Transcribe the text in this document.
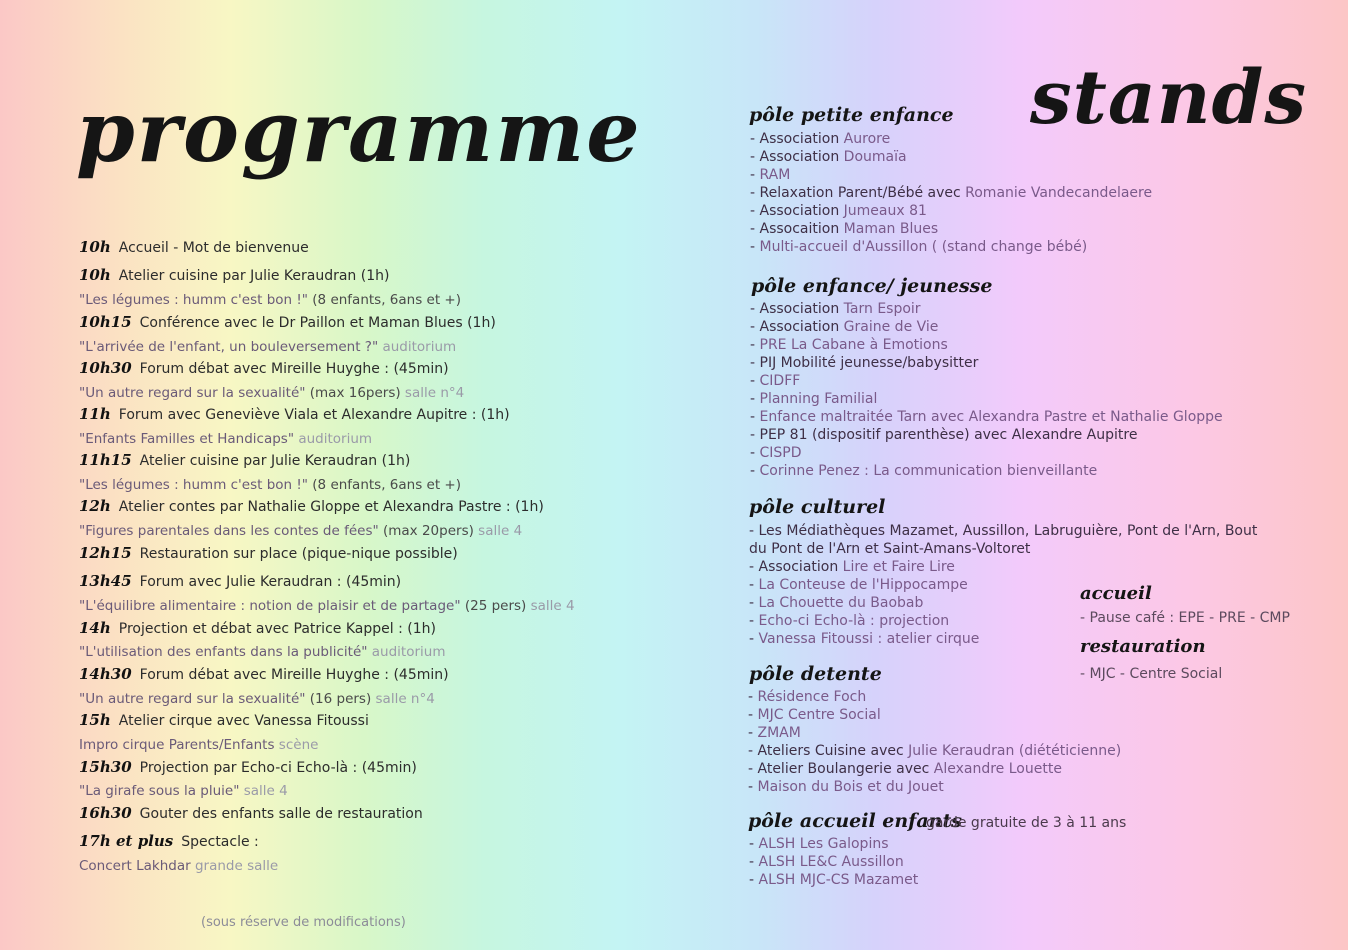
programme	stands
10h Accueil - Mot de bienvenue
10h Atelier cuisine par Julie Keraudran (1h)
"Les légumes : humm c'est bon !" (8 enfants, 6ans et +)
10h15 Conférence avec le Dr Paillon et Maman Blues (1h)
"L'arrivée de l'enfant, un bouleversement ?" auditorium
10h30 Forum débat avec Mireille Huyghe : (45min)
"Un autre regard sur la sexualité" (max 16pers) salle n°4
11h Forum avec Geneviève Viala et Alexandre Aupitre : (1h)
"Enfants Familles et Handicaps" auditorium
11h15 Atelier cuisine par Julie Keraudran (1h)
"Les légumes : humm c'est bon !" (8 enfants, 6ans et +)
12h Atelier contes par Nathalie Gloppe et Alexandra Pastre : (1h)
"Figures parentales dans les contes de fées" (max 20pers) salle 4
12h15 Restauration sur place (pique-nique possible)
13h45 Forum avec Julie Keraudran : (45min)
"L'équilibre alimentaire : notion de plaisir et de partage" (25 pers) salle 4
14h Projection et débat avec Patrice Kappel : (1h)
"L'utilisation des enfants dans la publicité" auditorium
14h30 Forum débat avec Mireille Huyghe : (45min)
"Un autre regard sur la sexualité" (16 pers) salle n°4
15h Atelier cirque avec Vanessa Fitoussi
Impro cirque Parents/Enfants scène
15h30 Projection par Echo-ci Echo-là : (45min)
"La girafe sous la pluie" salle 4
16h30 Gouter des enfants salle de restauration
17h et plus Spectacle :
Concert Lakhdar grande salle
(sous réserve de modifications)
pôle petite enfance
- Association Aurore
- Association Doumaïa
- RAM
- Relaxation Parent/Bébé avec Romanie Vandecandelaere
- Association Jumeaux 81
- Assocaition Maman Blues
- Multi-accueil d'Aussillon ( (stand change bébé)
pôle enfance/ jeunesse
- Association Tarn Espoir
- Association Graine de Vie
- PRE La Cabane à Emotions
- PIJ Mobilité jeunesse/babysitter
- CIDFF
- Planning Familial
- Enfance maltraitée Tarn avec Alexandra Pastre et Nathalie Gloppe
- PEP 81 (dispositif parenthèse) avec Alexandre Aupitre
- CISPD
- Corinne Penez : La communication bienveillante
pôle culturel
- Les Médiathèques Mazamet, Aussillon, Labruguière, Pont de l'Arn, Bout du Pont de l'Arn et Saint-Amans-Voltoret
- Association Lire et Faire Lire
- La Conteuse de l'Hippocampe
- La Chouette du Baobab
- Echo-ci Echo-là : projection
- Vanessa Fitoussi : atelier cirque
pôle detente
- Résidence Foch
- MJC Centre Social
- ZMAM
- Ateliers Cuisine avec Julie Keraudran (diététicienne)
- Atelier Boulangerie avec Alexandre Louette
- Maison du Bois et du Jouet
pôle accueil enfants
garde gratuite de 3 à 11 ans
- ALSH Les Galopins
- ALSH LE&C Aussillon
- ALSH MJC-CS Mazamet
accueil
- Pause café : EPE - PRE - CMP
restauration
- MJC - Centre Social
